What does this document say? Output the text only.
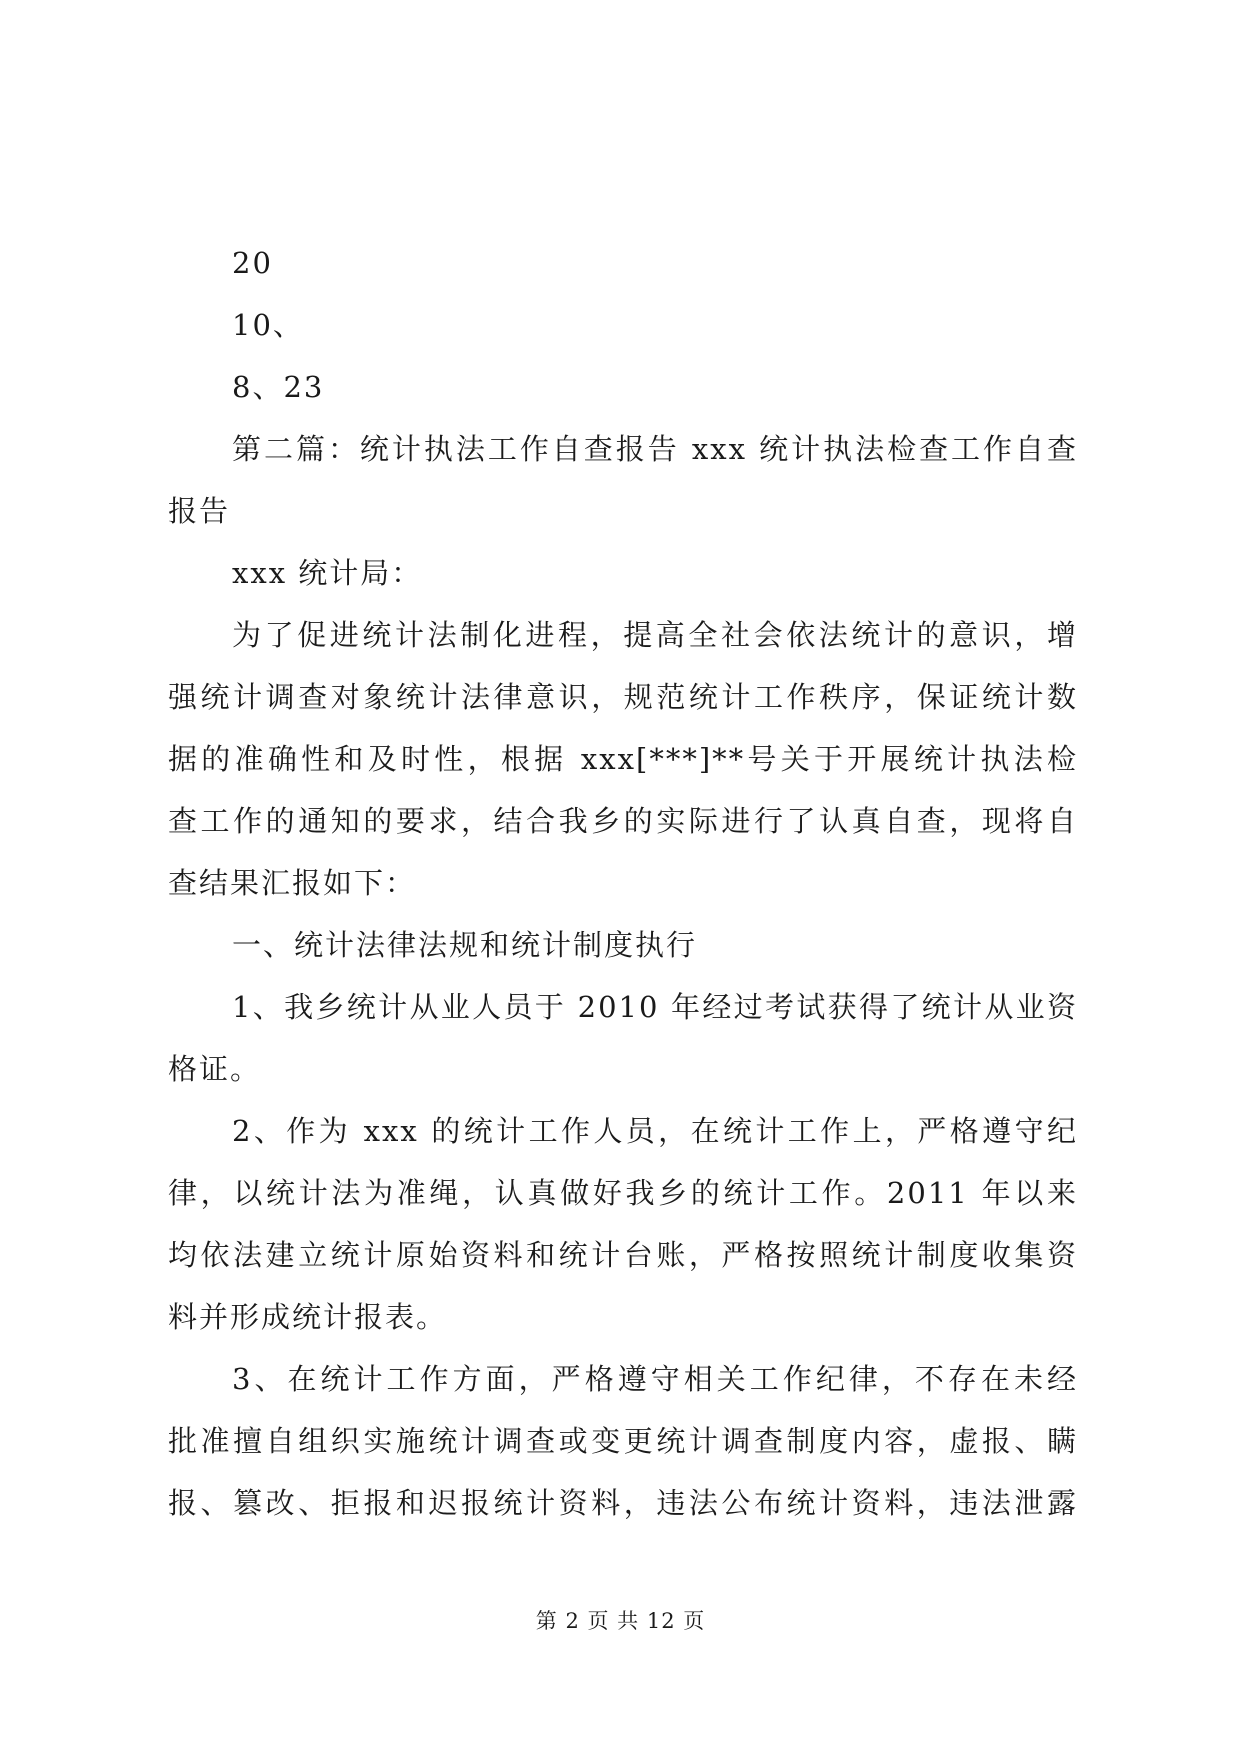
20
10、
8、23
第二篇：统计执法工作自查报告 xxx 统计执法检查工作自查
报告
xxx 统计局：
为了促进统计法制化进程，提高全社会依法统计的意识，增
强统计调查对象统计法律意识，规范统计工作秩序，保证统计数
据的准确性和及时性，根据 xxx[***]**号关于开展统计执法检
查工作的通知的要求，结合我乡的实际进行了认真自查，现将自
查结果汇报如下：
一、统计法律法规和统计制度执行
1、我乡统计从业人员于 2010 年经过考试获得了统计从业资
格证。
2、作为 xxx 的统计工作人员，在统计工作上，严格遵守纪
律，以统计法为准绳，认真做好我乡的统计工作。2011 年以来
均依法建立统计原始资料和统计台账，严格按照统计制度收集资
料并形成统计报表。
3、在统计工作方面，严格遵守相关工作纪律，不存在未经
批准擅自组织实施统计调查或变更统计调查制度内容，虚报、瞒
报、篡改、拒报和迟报统计资料，违法公布统计资料，违法泄露
第 2 页 共 12 页
